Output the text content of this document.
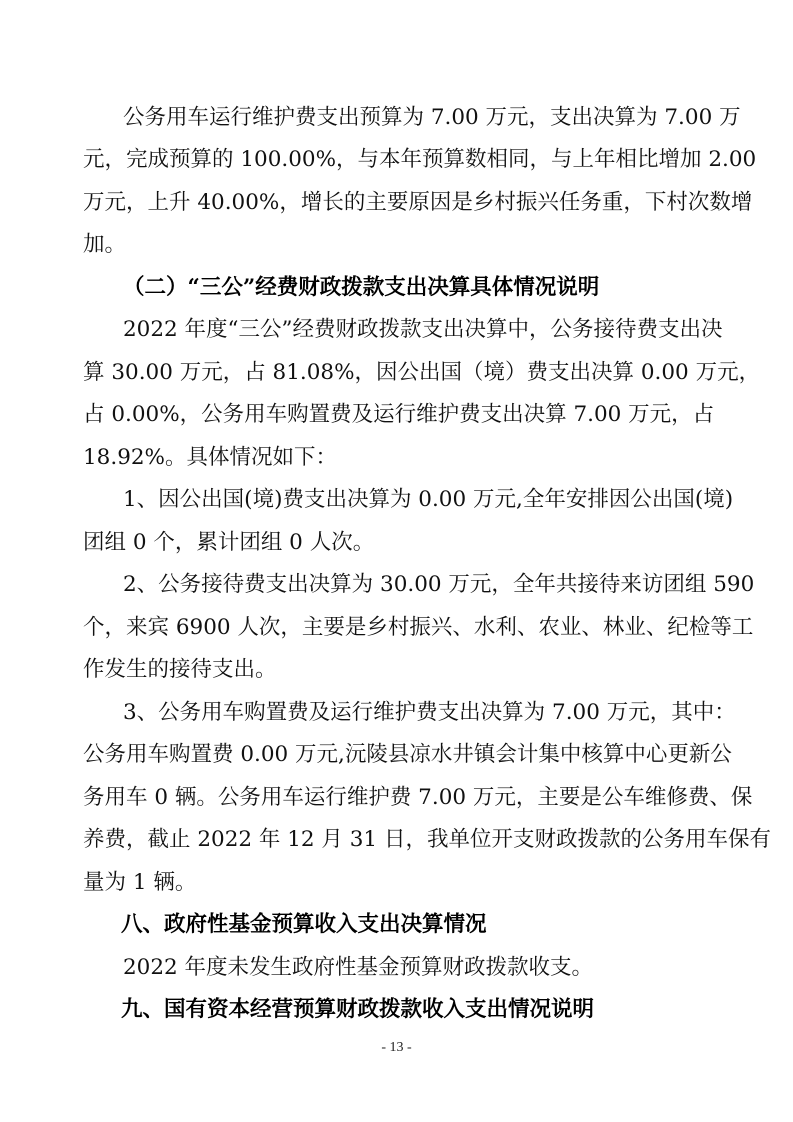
公务用车运行维护费支出预算为 7.00 万元，支出决算为 7.00 万
元，完成预算的 100.00%，与本年预算数相同，与上年相比增加 2.00
万元，上升 40.00%，增长的主要原因是乡村振兴任务重，下村次数增
加。
（二）“三公”经费财政拨款支出决算具体情况说明
2022 年度“三公”经费财政拨款支出决算中，公务接待费支出决
算 30.00 万元，占 81.08%，因公出国（境）费支出决算 0.00 万元，
占 0.00%，公务用车购置费及运行维护费支出决算 7.00 万元，占
18.92%。具体情况如下：
1、因公出国(境)费支出决算为 0.00 万元,全年安排因公出国(境)
团组 0 个，累计团组 0 人次。
2、公务接待费支出决算为 30.00 万元，全年共接待来访团组 590
个，来宾 6900 人次，主要是乡村振兴、水利、农业、林业、纪检等工
作发生的接待支出。
3、公务用车购置费及运行维护费支出决算为 7.00 万元，其中：
公务用车购置费 0.00 万元,沅陵县凉水井镇会计集中核算中心更新公
务用车 0 辆。公务用车运行维护费 7.00 万元，主要是公车维修费、保
养费，截止 2022 年 12 月 31 日，我单位开支财政拨款的公务用车保有
量为 1 辆。
八、政府性基金预算收入支出决算情况
2022 年度未发生政府性基金预算财政拨款收支。
九、国有资本经营预算财政拨款收入支出情况说明
- 13 -
